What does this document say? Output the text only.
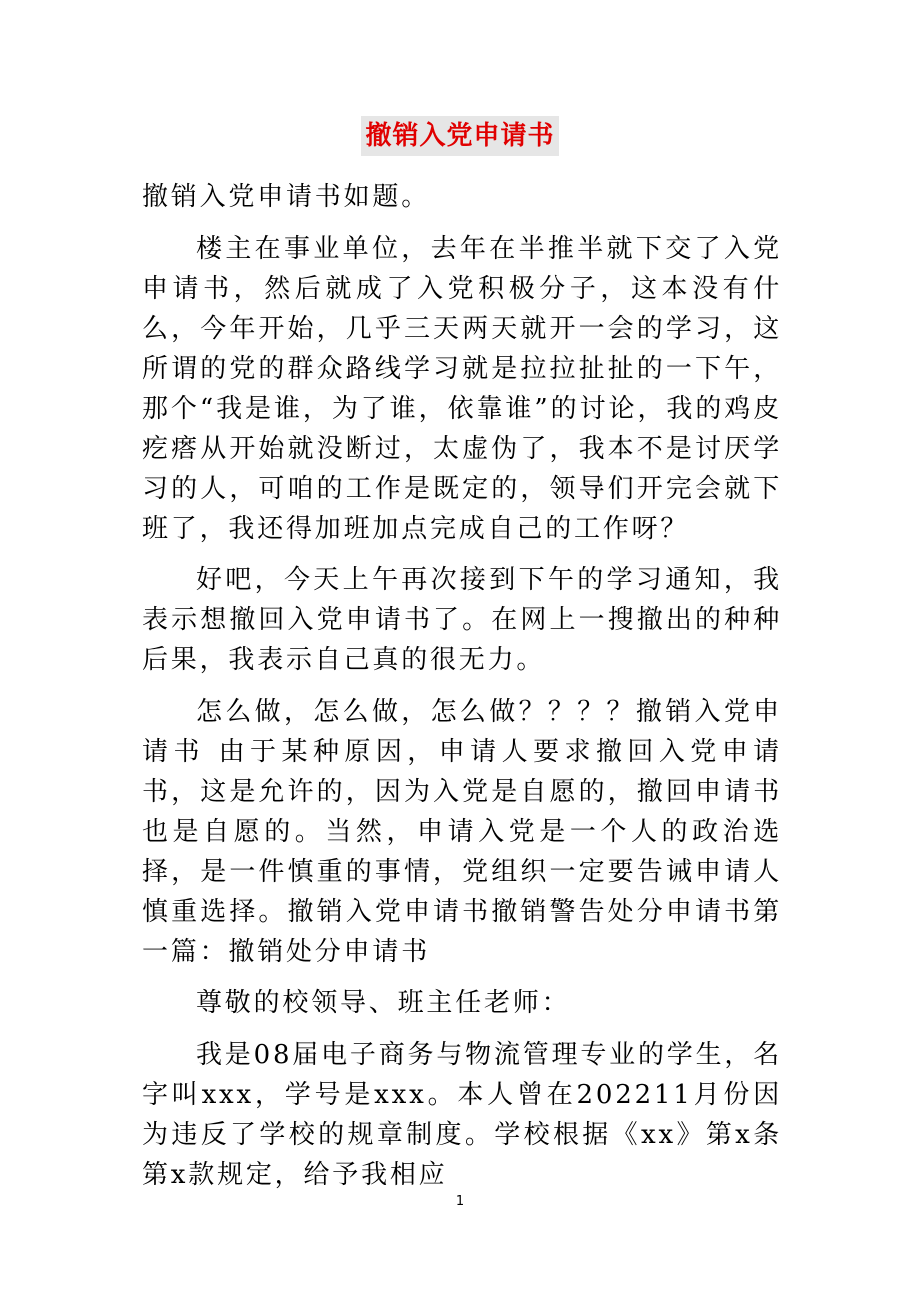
撤销入党申请书

撤销入党申请书如题。

楼主在事业单位，去年在半推半就下交了入党申请书，然后就成了入党积极分子，这本没有什么，今年开始，几乎三天两天就开一会的学习，这所谓的党的群众路线学习就是拉拉扯扯的一下午，那个“我是谁，为了谁，依靠谁”的讨论，我的鸡皮疙瘩从开始就没断过，太虚伪了，我本不是讨厌学习的人，可咱的工作是既定的，领导们开完会就下班了，我还得加班加点完成自己的工作呀？

好吧，今天上午再次接到下午的学习通知，我表示想撤回入党申请书了。在网上一搜撤出的种种后果，我表示自己真的很无力。

怎么做，怎么做，怎么做？？？？撤销入党申请书 由于某种原因，申请人要求撤回入党申请书，这是允许的，因为入党是自愿的，撤回申请书也是自愿的。当然，申请入党是一个人的政治选择，是一件慎重的事情，党组织一定要告诫申请人慎重选择。撤销入党申请书撤销警告处分申请书第一篇：撤销处分申请书

尊敬的校领导、班主任老师：

我是08届电子商务与物流管理专业的学生，名字叫xxx，学号是xxx。本人曾在202211月份因为违反了学校的规章制度。学校根据《xx》第x条第x款规定，给予我相应

1
